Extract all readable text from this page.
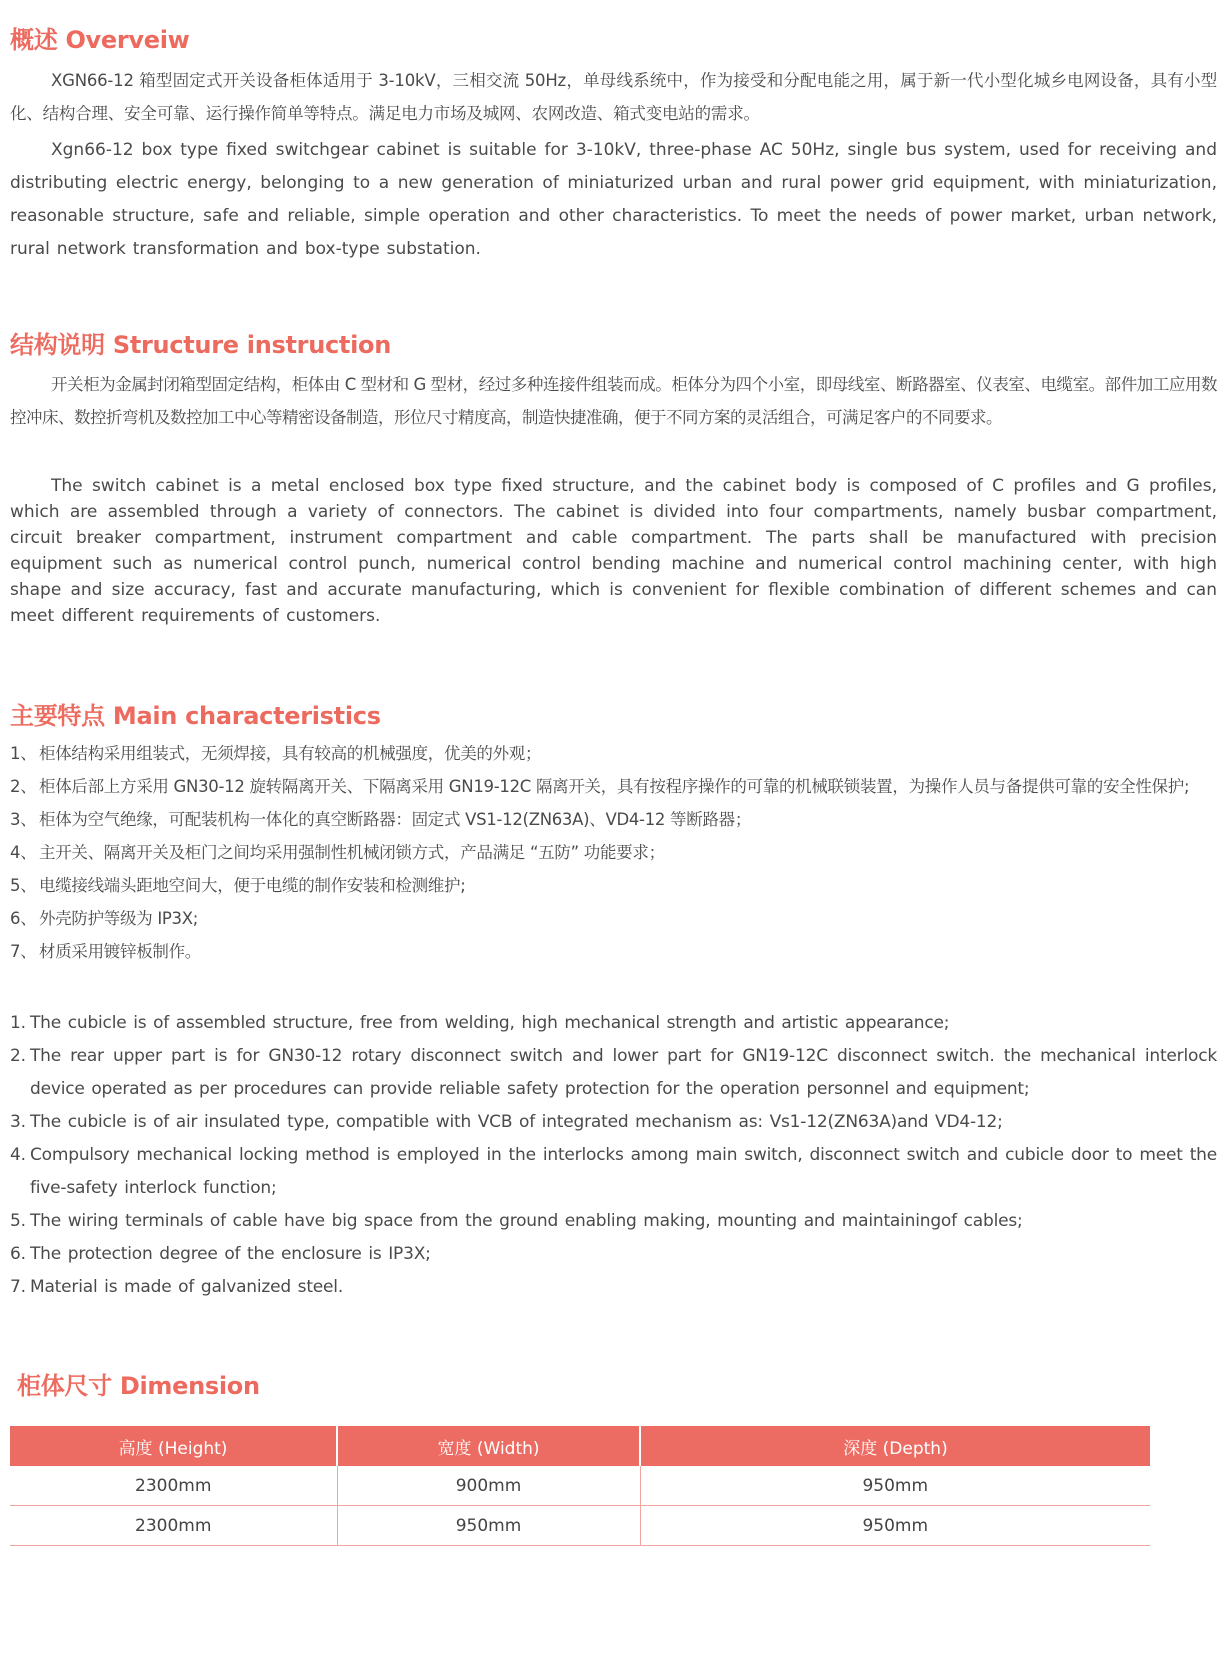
概述 Overveiw

XGN66-12 箱型固定式开关设备柜体适用于 3-10kV，三相交流 50Hz，单母线系统中，作为接受和分配电能之用，属于新一代小型化城乡电网设备，具有小型化、结构合理、安全可靠、运行操作简单等特点。满足电力市场及城网、农网改造、箱式变电站的需求。

Xgn66-12 box type fixed switchgear cabinet is suitable for 3-10kV, three-phase AC 50Hz, single bus system, used for receiving and distributing electric energy, belonging to a new generation of miniaturized urban and rural power grid equipment, with miniaturization, reasonable structure, safe and reliable, simple operation and other characteristics. To meet the needs of power market, urban network, rural network transformation and box-type substation.

结构说明 Structure instruction

开关柜为金属封闭箱型固定结构，柜体由 C 型材和 G 型材，经过多种连接件组装而成。柜体分为四个小室，即母线室、断路器室、仪表室、电缆室。部件加工应用数控冲床、数控折弯机及数控加工中心等精密设备制造，形位尺寸精度高，制造快捷准确，便于不同方案的灵活组合，可满足客户的不同要求。

The switch cabinet is a metal enclosed box type fixed structure, and the cabinet body is composed of C profiles and G profiles, which are assembled through a variety of connectors. The cabinet is divided into four compartments, namely busbar compartment, circuit breaker compartment, instrument compartment and cable compartment. The parts shall be manufactured with precision equipment such as numerical control punch, numerical control bending machine and numerical control machining center, with high shape and size accuracy, fast and accurate manufacturing, which is convenient for flexible combination of different schemes and can meet different requirements of customers.

主要特点 Main characteristics
1、 柜体结构采用组装式，无须焊接，具有较高的机械强度，优美的外观；
2、 柜体后部上方采用 GN30-12 旋转隔离开关、下隔离采用 GN19-12C 隔离开关，具有按程序操作的可靠的机械联锁装置，为操作人员与备提供可靠的安全性保护;
3、 柜体为空气绝缘，可配装机构一体化的真空断路器：固定式 VS1-12(ZN63A)、VD4-12 等断路器；
4、 主开关、隔离开关及柜门之间均采用强制性机械闭锁方式，产品满足 “五防” 功能要求；
5、 电缆接线端头距地空间大，便于电缆的制作安装和检测维护;
6、 外壳防护等级为 IP3X;
7、 材质采用镀锌板制作。
1. The cubicle is of assembled structure, free from welding, high mechanical strength and artistic appearance;
2. The rear upper part is for GN30-12 rotary disconnect switch and lower part for GN19-12C disconnect switch. the mechanical interlock device operated as per procedures can provide reliable safety protection for the operation personnel and equipment;
3. The cubicle is of air insulated type, compatible with VCB of integrated mechanism as: Vs1-12(ZN63A)and VD4-12;
4. Compulsory mechanical locking method is employed in the interlocks among main switch, disconnect switch and cubicle door to meet the five-safety interlock function;
5. The wiring terminals of cable have big space from the ground enabling making, mounting and maintainingof cables;
6. The protection degree of the enclosure is IP3X;
7. Material is made of galvanized steel.
柜体尺寸 Dimension
高度 (Height)	宽度 (Width)	深度 (Depth)
2300mm	900mm	950mm
2300mm	950mm	950mm
